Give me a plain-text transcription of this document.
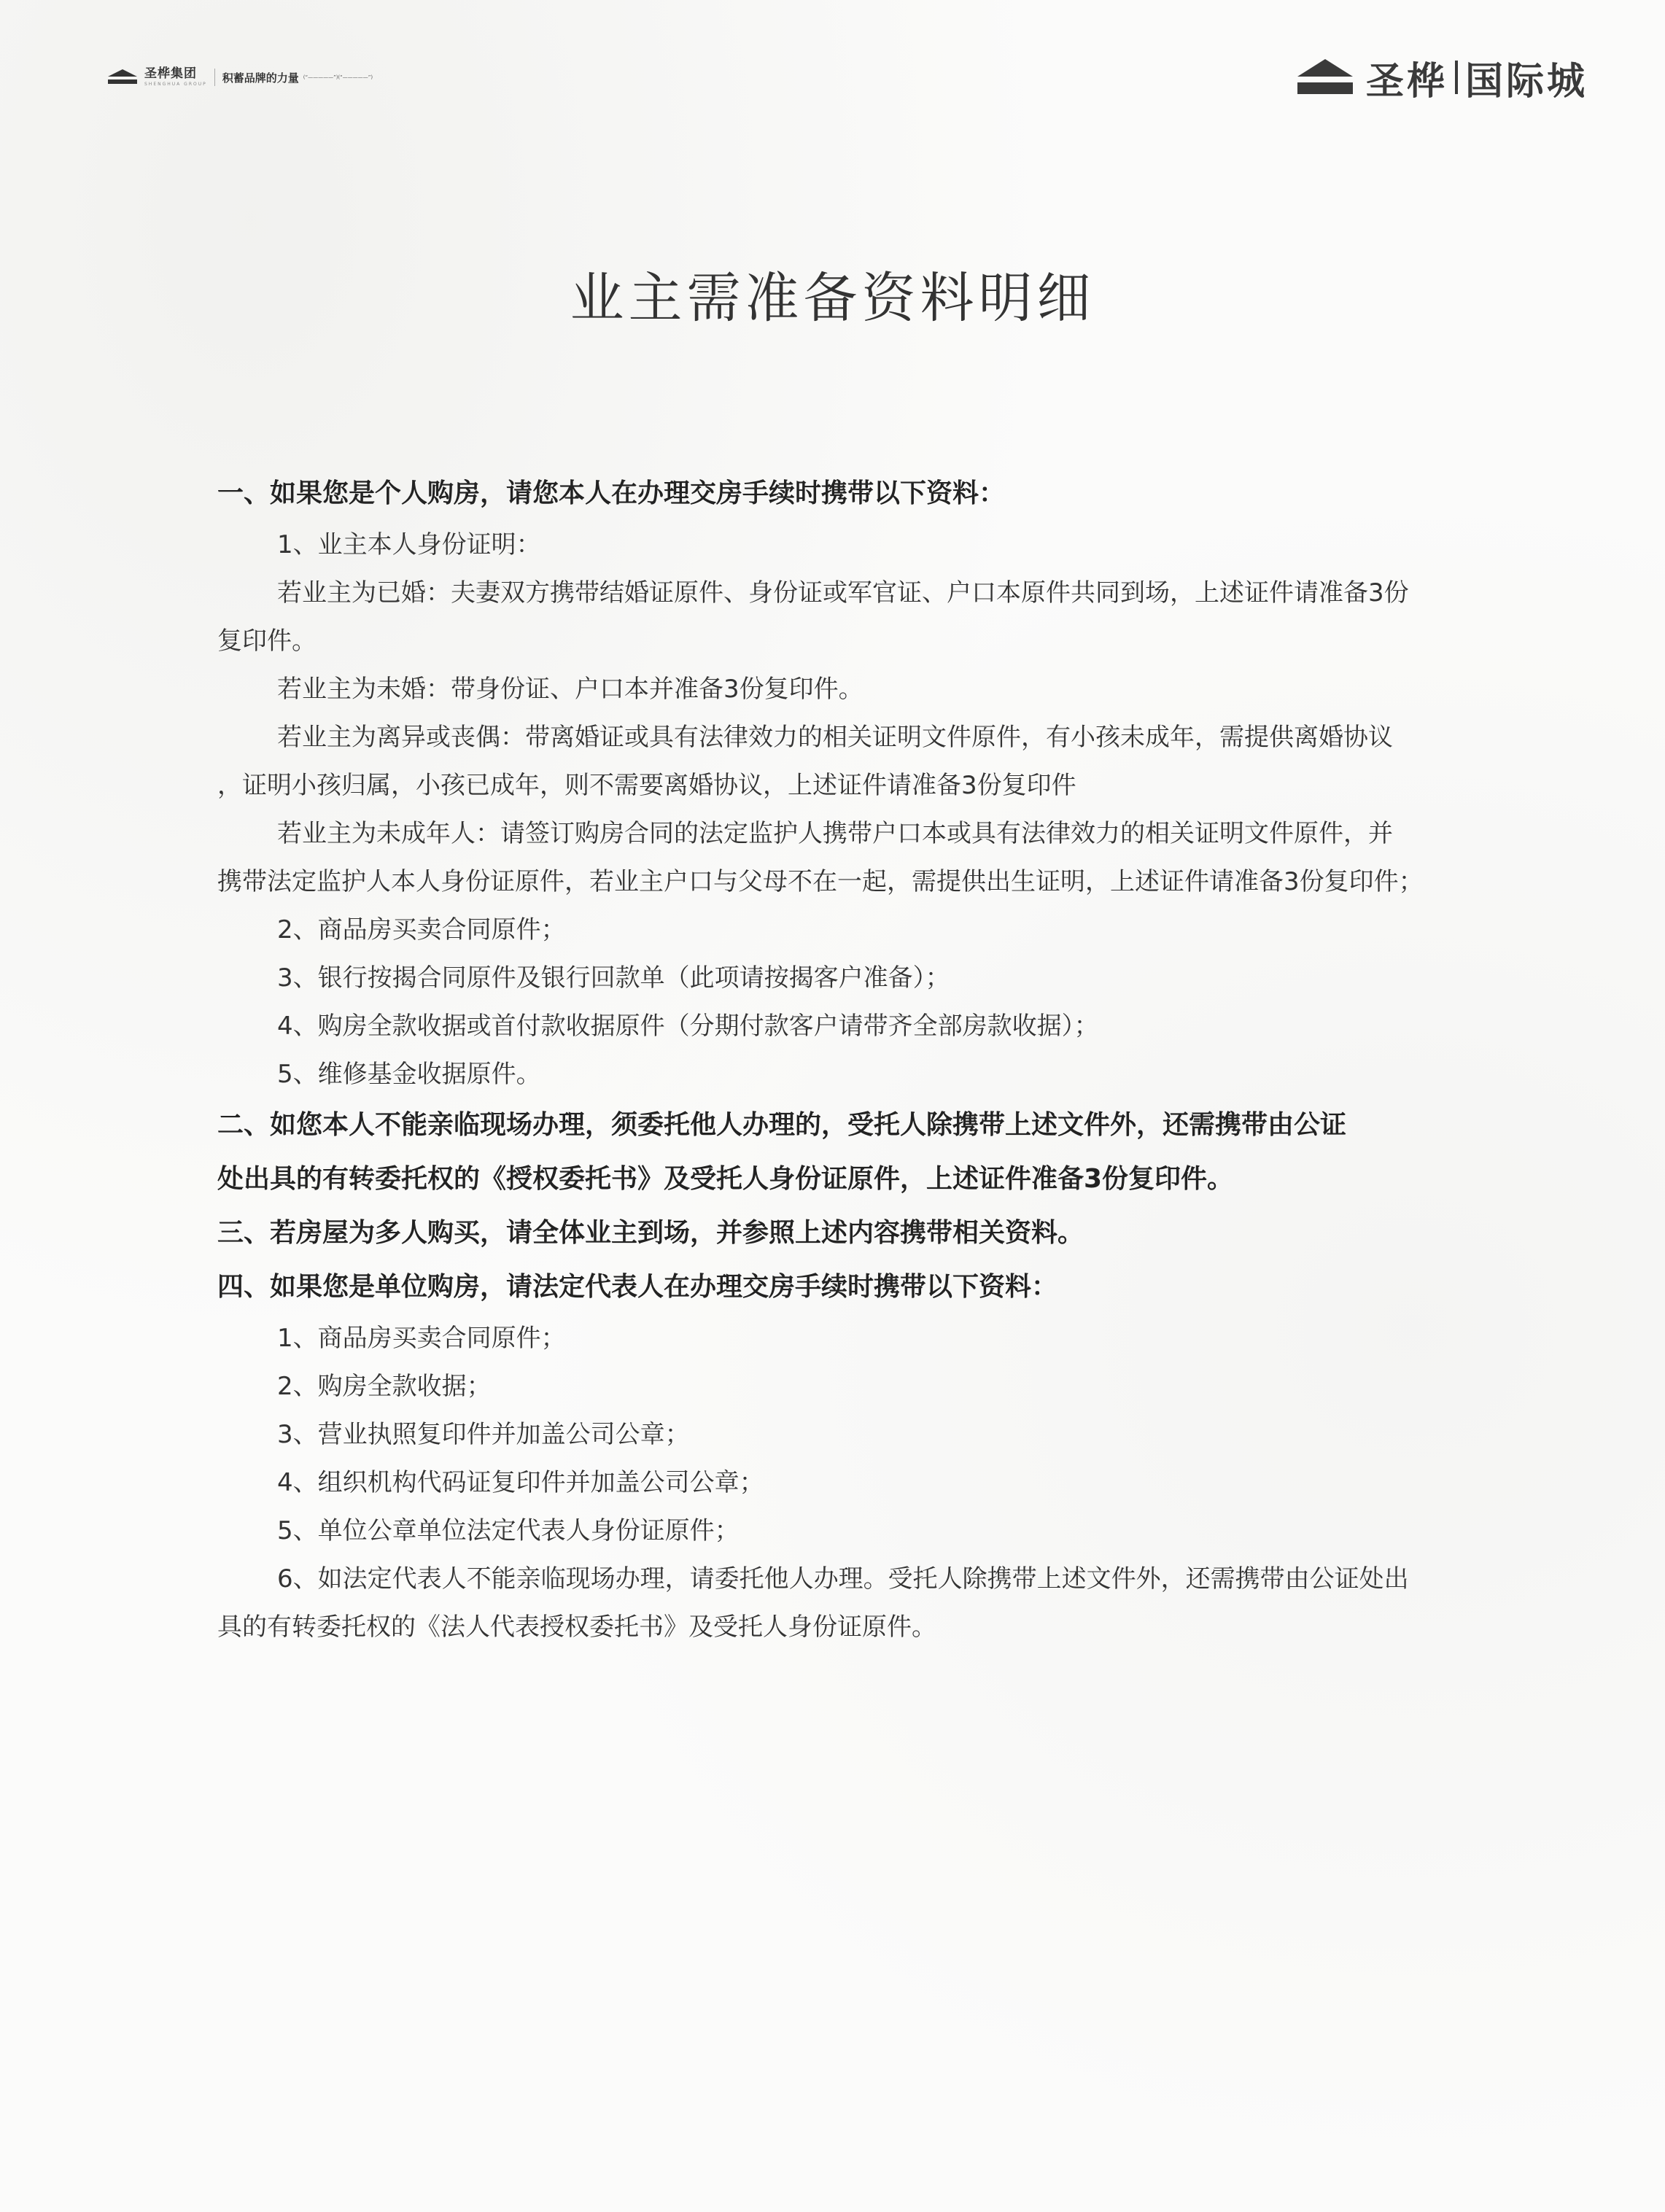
圣桦集团
SHENGHUA GROUP 积蓄品牌的力量 (“—————”)(“—————”)	圣桦 国际城
业主需准备资料明细
一、如果您是个人购房，请您本人在办理交房手续时携带以下资料：
1、业主本人身份证明：
若业主为已婚：夫妻双方携带结婚证原件、身份证或军官证、户口本原件共同到场，上述证件请准备3份
复印件。
若业主为未婚：带身份证、户口本并准备3份复印件。
若业主为离异或丧偶：带离婚证或具有法律效力的相关证明文件原件，有小孩未成年，需提供离婚协议
，证明小孩归属，小孩已成年，则不需要离婚协议，上述证件请准备3份复印件
若业主为未成年人：请签订购房合同的法定监护人携带户口本或具有法律效力的相关证明文件原件，并
携带法定监护人本人身份证原件，若业主户口与父母不在一起，需提供出生证明，上述证件请准备3份复印件；
2、商品房买卖合同原件；
3、银行按揭合同原件及银行回款单（此项请按揭客户准备）；
4、购房全款收据或首付款收据原件（分期付款客户请带齐全部房款收据）；
5、维修基金收据原件。
二、如您本人不能亲临现场办理，须委托他人办理的，受托人除携带上述文件外，还需携带由公证
处出具的有转委托权的《授权委托书》及受托人身份证原件，上述证件准备3份复印件。
三、若房屋为多人购买，请全体业主到场，并参照上述内容携带相关资料。
四、如果您是单位购房，请法定代表人在办理交房手续时携带以下资料：
1、商品房买卖合同原件；
2、购房全款收据；
3、营业执照复印件并加盖公司公章；
4、组织机构代码证复印件并加盖公司公章；
5、单位公章单位法定代表人身份证原件；
6、如法定代表人不能亲临现场办理，请委托他人办理。受托人除携带上述文件外，还需携带由公证处出
具的有转委托权的《法人代表授权委托书》及受托人身份证原件。
